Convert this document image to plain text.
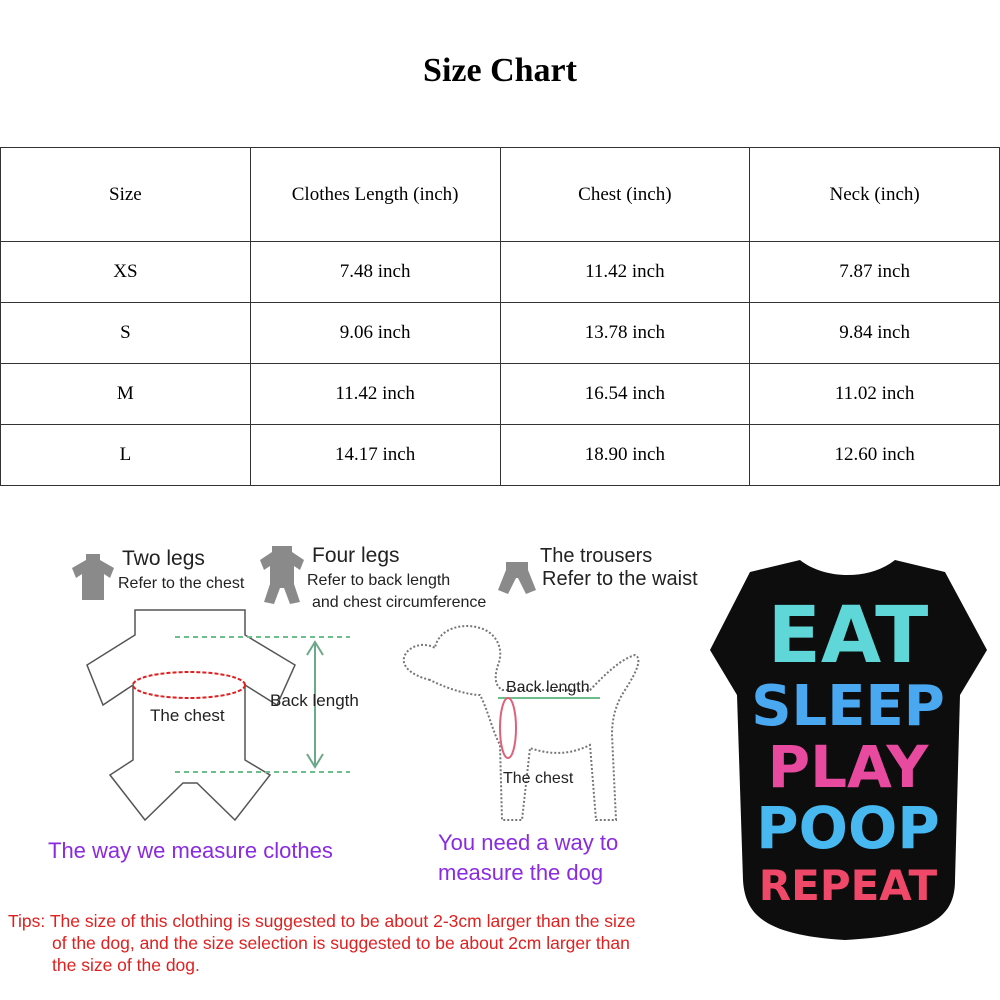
Size Chart
Size	Clothes Length (inch)	Chest (inch)	Neck (inch)
XS	7.48 inch	11.42 inch	7.87 inch
S	9.06 inch	13.78 inch	9.84 inch
M	11.42 inch	16.54 inch	11.02 inch
L	14.17 inch	18.90 inch	12.60 inch
Two legs
Refer to the chest
Four legs
Refer to back length
and chest circumference
The trousers
Refer to the waist
The chest
Back length
The way we measure clothes
Back length
The chest
You need a way to
measure the dog
Tips: The size of this clothing is suggested to be about 2-3cm larger than the size
of the dog, and the size selection is suggested to be about 2cm larger than
the size of the dog.
EAT
SLEEP
PLAY
POOP
REPEAT
